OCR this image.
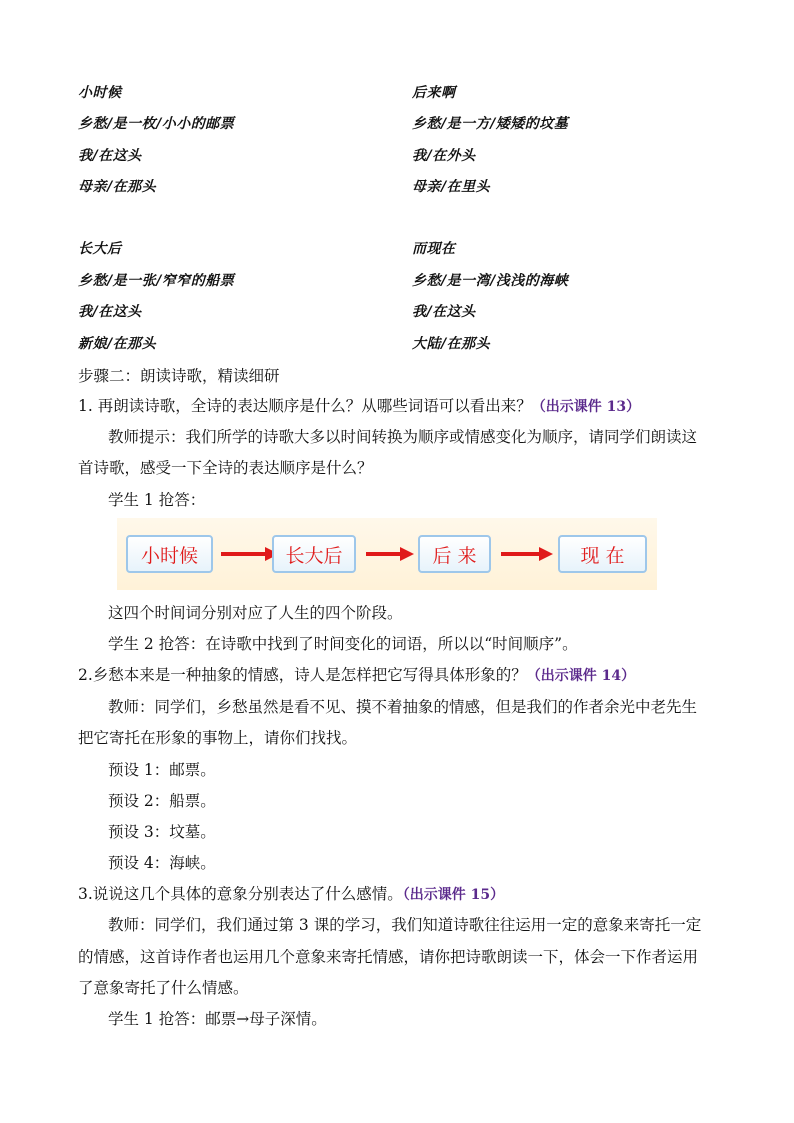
小时候
乡愁/是一枚/小小的邮票
我/在这头
母亲/在那头
长大后
乡愁/是一张/窄窄的船票
我/在这头
新娘/在那头
后来啊
乡愁/是一方/矮矮的坟墓
我/在外头
母亲/在里头
而现在
乡愁/是一湾/浅浅的海峡
我/在这头
大陆/在那头
步骤二：朗读诗歌，精读细研
1. 再朗读诗歌，全诗的表达顺序是什么？从哪些词语可以看出来？（出示课件 13）
教师提示：我们所学的诗歌大多以时间转换为顺序或情感变化为顺序，请同学们朗读这
首诗歌，感受一下全诗的表达顺序是什么？
学生 1 抢答：
小时候	长大后	后 来	现 在
这四个时间词分别对应了人生的四个阶段。
学生 2 抢答：在诗歌中找到了时间变化的词语，所以以“时间顺序”。
2.乡愁本来是一种抽象的情感，诗人是怎样把它写得具体形象的？（出示课件 14）
教师：同学们，乡愁虽然是看不见、摸不着抽象的情感，但是我们的作者余光中老先生
把它寄托在形象的事物上，请你们找找。
预设 1：邮票。
预设 2：船票。
预设 3：坟墓。
预设 4：海峡。
3.说说这几个具体的意象分别表达了什么感情。（出示课件 15）
教师：同学们，我们通过第 3 课的学习，我们知道诗歌往往运用一定的意象来寄托一定
的情感，这首诗作者也运用几个意象来寄托情感，请你把诗歌朗读一下，体会一下作者运用
了意象寄托了什么情感。
学生 1 抢答：邮票→母子深情。
